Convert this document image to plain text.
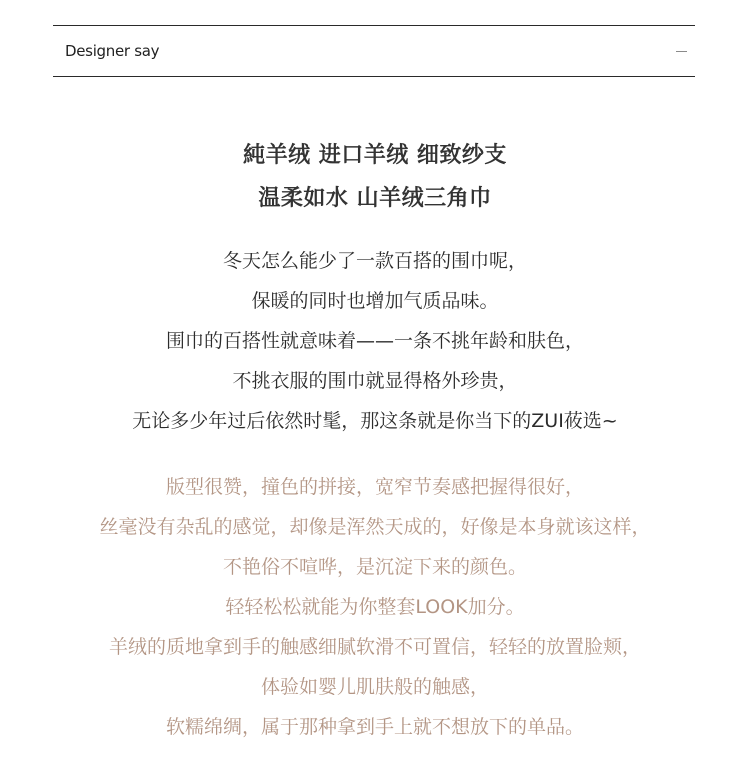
Designer say
純羊绒 进口羊绒 细致纱支
温柔如水 山羊绒三角巾
冬天怎么能少了一款百搭的围巾呢，
保暖的同时也增加气质品味。
围巾的百搭性就意味着——一条不挑年龄和肤色，
不挑衣服的围巾就显得格外珍贵，
无论多少年过后依然时髦，那这条就是你当下的ZUI莜选~
版型很赞，撞色的拼接，宽窄节奏感把握得很好，
丝毫没有杂乱的感觉，却像是浑然天成的，好像是本身就该这样，
不艳俗不喧哗，是沉淀下来的颜色。
轻轻松松就能为你整套LOOK加分。
羊绒的质地拿到手的触感细腻软滑不可置信，轻轻的放置脸颊，
体验如婴儿肌肤般的触感，
软糯绵绸，属于那种拿到手上就不想放下的单品。
